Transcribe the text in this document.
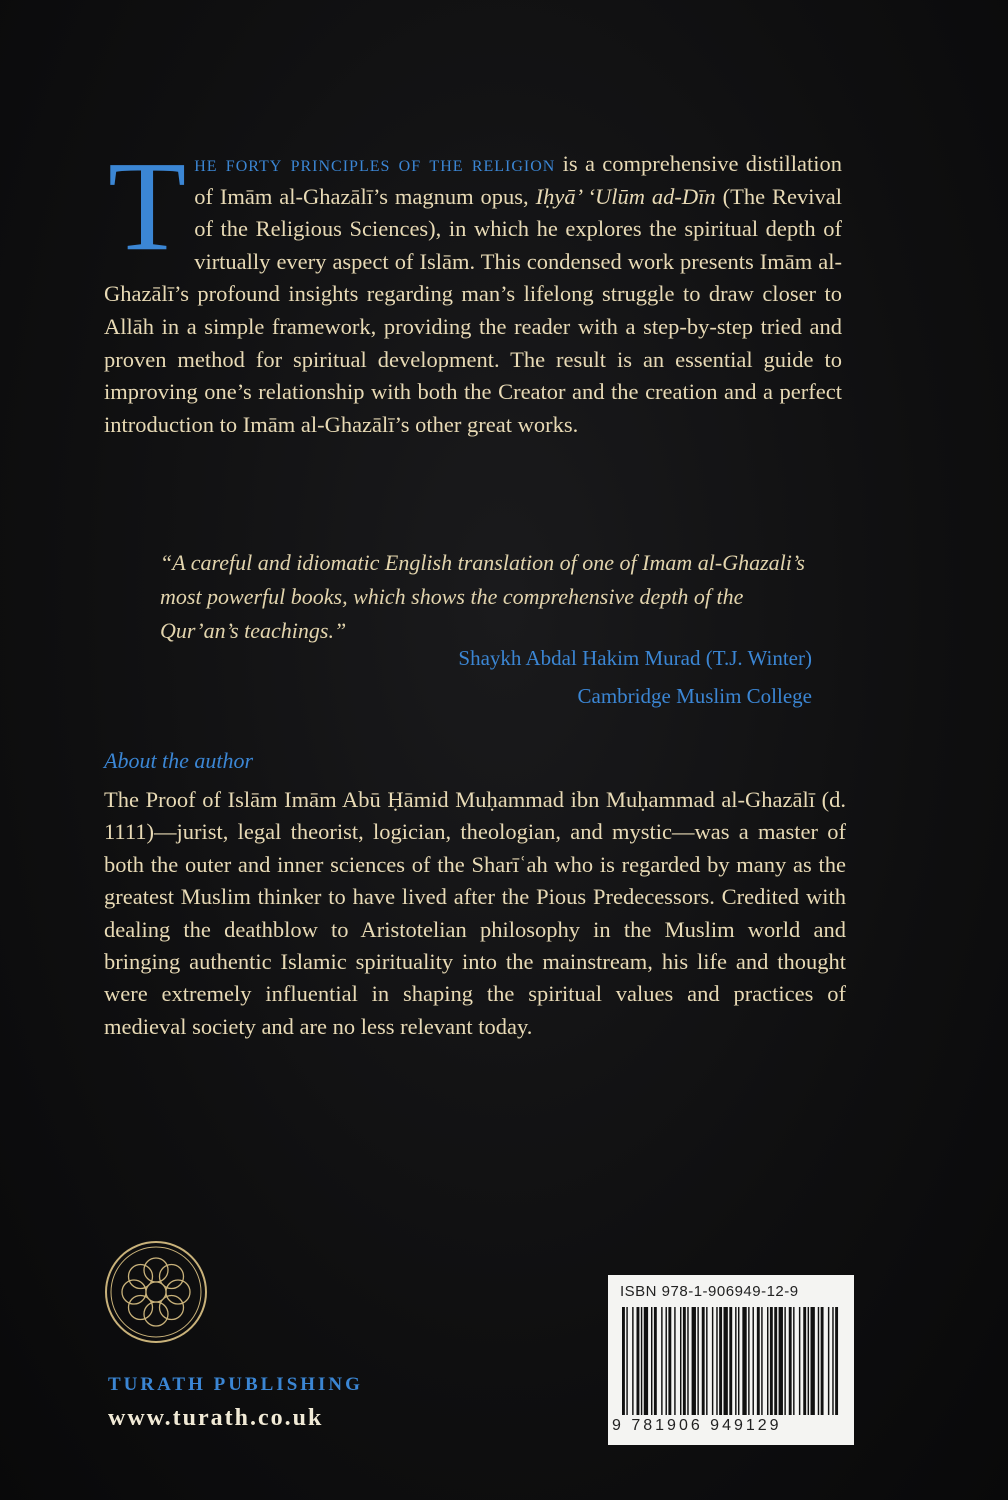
T he forty principles of the religion is a comprehensive distillation of Imām al-Ghazālī’s magnum opus, Iḥyā’ ‘Ulūm ad-Dīn (The Revival of the Religious Sciences), in which he explores the spiritual depth of virtually every aspect of Islām. This condensed work presents Imām al-Ghazālī’s profound insights regarding man’s lifelong struggle to draw closer to Allāh in a simple framework, providing the reader with a step-by-step tried and proven method for spiritual development. The result is an essential guide to improving one’s relationship with both the Creator and the creation and a perfect introduction to Imām al-Ghazālī’s other great works.
“A careful and idiomatic English translation of one of Imam al-Ghazali’s most powerful books, which shows the comprehensive depth of the Qur’an’s teachings.”
Shaykh Abdal Hakim Murad (T.J. Winter)
Cambridge Muslim College
About the author
The Proof of Islām Imām Abū Ḥāmid Muḥammad ibn Muḥammad al-Ghazālī (d. 1111)—jurist, legal theorist, logician, theologian, and mystic—was a master of both the outer and inner sciences of the Sharīʿah who is regarded by many as the greatest Muslim thinker to have lived after the Pious Predecessors. Credited with dealing the deathblow to Aristotelian philosophy in the Muslim world and bringing authentic Islamic spirituality into the mainstream, his life and thought were extremely influential in shaping the spiritual values and practices of medieval society and are no less relevant today.
TURATH PUBLISHING
www.turath.co.uk
ISBN 978-1-906949-12-9
9 781906 949129
